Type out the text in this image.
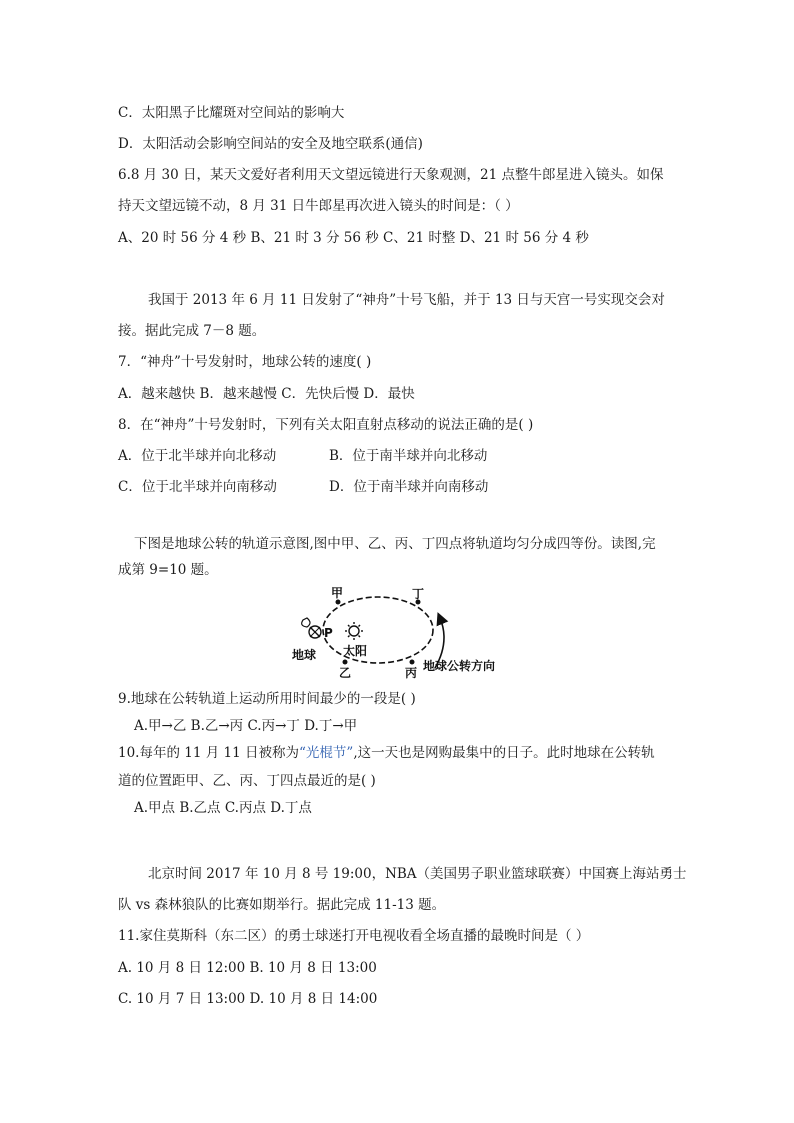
C．太阳黑子比耀斑对空间站的影响大
D．太阳活动会影响空间站的安全及地空联系(通信)
6.8 月 30 日，某天文爱好者利用天文望远镜进行天象观测，21 点整牛郎星进入镜头。如保
持天文望远镜不动，8 月 31 日牛郎星再次进入镜头的时间是：（ ）
A、20 时 56 分 4 秒 B、21 时 3 分 56 秒 C、21 时整 D、21 时 56 分 4 秒
我国于 2013 年 6 月 11 日发射了“神舟”十号飞船，并于 13 日与天宫一号实现交会对
接。据此完成 7－8 题。
7．“神舟”十号发射时，地球公转的速度( )
A．越来越快 B．越来越慢 C．先快后慢 D．最快
8．在“神舟”十号发射时，下列有关太阳直射点移动的说法正确的是( )
A．位于北半球并向北移动	B．位于南半球并向北移动
C．位于北半球并向南移动	D．位于南半球并向南移动
下图是地球公转的轨道示意图,图中甲、乙、丙、丁四点将轨道均匀分成四等份。读图,完
成第 9=10 题。
甲	丁
乙	丙
P
太阳
地球
地球公转方向
9.地球在公转轨道上运动所用时间最少的一段是( )
A.甲→乙 B.乙→丙 C.丙→丁 D.丁→甲
10.每年的 11 月 11 日被称为“光棍节”,这一天也是网购最集中的日子。此时地球在公转轨
道的位置距甲、乙、丙、丁四点最近的是( )
A.甲点 B.乙点 C.丙点 D.丁点
北京时间 2017 年 10 月 8 号 19:00，NBA（美国男子职业篮球联赛）中国赛上海站勇士
队 vs 森林狼队的比赛如期举行。据此完成 11-13 题。
11.家住莫斯科（东二区）的勇士球迷打开电视收看全场直播的最晚时间是（ ）
A. 10 月 8 日 12:00 B. 10 月 8 日 13:00
C. 10 月 7 日 13:00 D. 10 月 8 日 14:00
